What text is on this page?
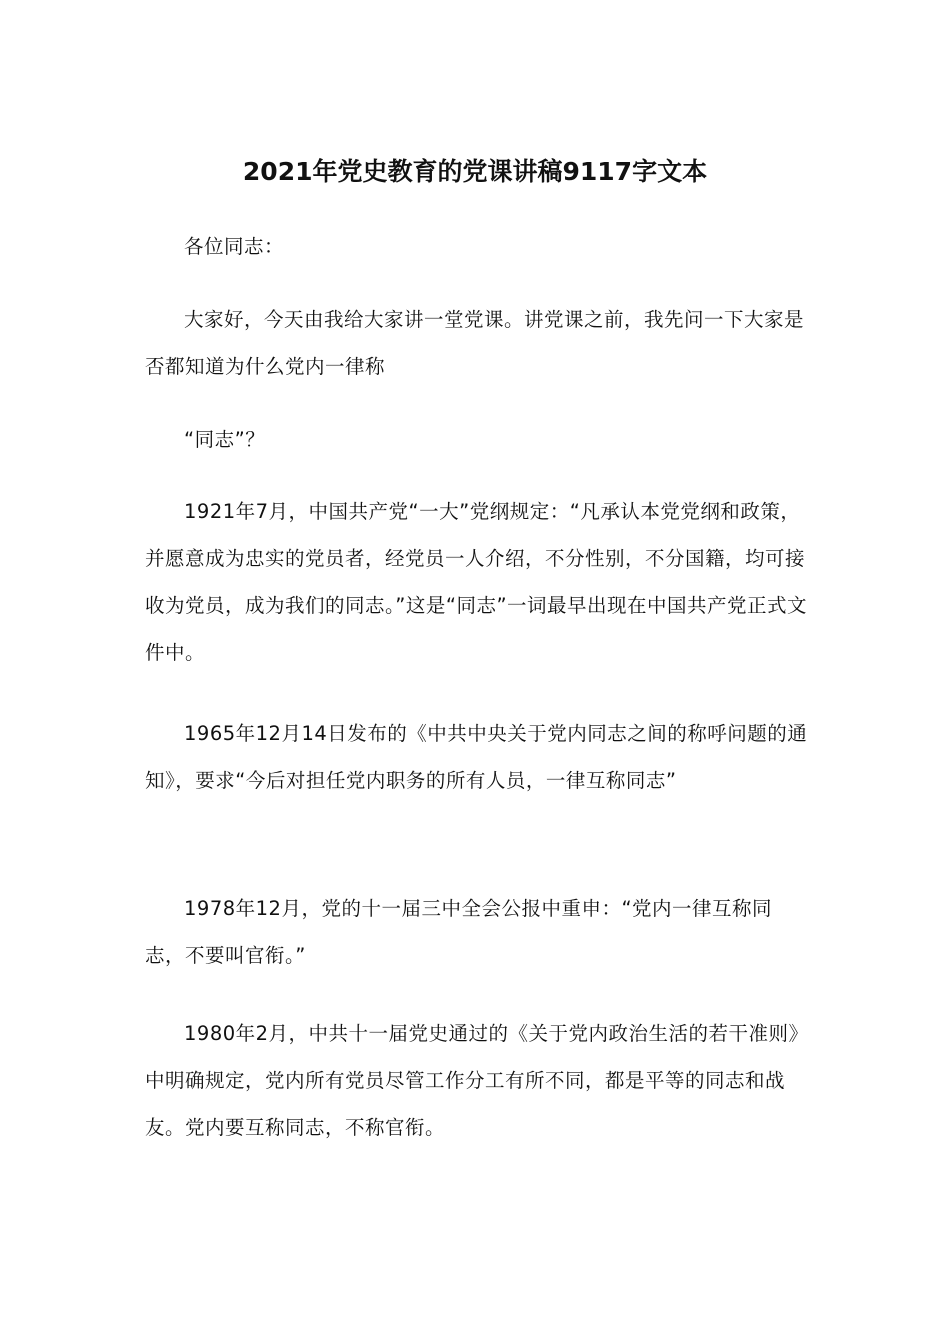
2021年党史教育的党课讲稿9117字文本

各位同志：

大家好，今天由我给大家讲一堂党课。讲党课之前，我先问一下大家是否都知道为什么党内一律称

“同志”？

1921年7月，中国共产党“一大”党纲规定：“凡承认本党党纲和政策，并愿意成为忠实的党员者，经党员一人介绍，不分性别，不分国籍，均可接收为党员，成为我们的同志。”这是“同志”一词最早出现在中国共产党正式文件中。

1965年12月14日发布的《中共中央关于党内同志之间的称呼问题的通知》，要求“今后对担任党内职务的所有人员，一律互称同志”

1978年12月，党的十一届三中全会公报中重申：“党内一律互称同志，不要叫官衔。”

1980年2月，中共十一届党史通过的《关于党内政治生活的若干准则》中明确规定，党内所有党员尽管工作分工有所不同，都是平等的同志和战友。党内要互称同志，不称官衔。
